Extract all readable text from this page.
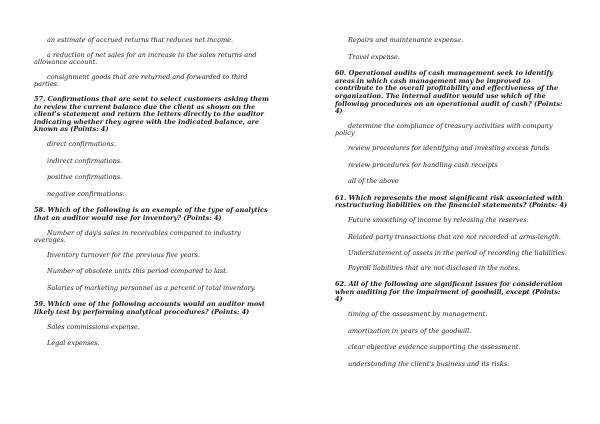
an estimate of accrued returns that reduces net income.

a reduction of net sales for an increase to the sales returns and allowance account.

consignment goods that are returned and forwarded to third parties.

57. Confirmations that are sent to select customers asking them to review the current balance due the client as shown on the client's statement and return the letters directly to the auditor indicating whether they agree with the indicated balance, are known as (Points: 4)

direct confirmations.

indirect confirmations.

positive confirmations.

negative confirmations.

58. Which of the following is an example of the type of analytics that an auditor would use for inventory? (Points: 4)

Number of day's sales in receivables compared to industry averages.

Inventory turnover for the previous five years.

Number of obsolete units this period compared to last.

Salaries of marketing personnel as a percent of total inventory.

59. Which one of the following accounts would an auditor most likely test by performing analytical procedures? (Points: 4)

Sales commissions expense.

Legal expenses.

Repairs and maintenance expense.

Travel expense.

60. Operational audits of cash management seek to identify areas in which cash management may be improved to contribute to the overall profitability and effectiveness of the organization. The internal auditor would use which of the following procedures on an operational audit of cash? (Points: 4)

determine the compliance of treasury activities with company policy

review procedures for identifying and investing excess funds

review procedures for handling cash receipts

all of the above

61. Which represents the most significant risk associated with restructuring liabilities on the financial statements? (Points: 4)

Future smoothing of income by releasing the reserves.

Related party transactions that are not recorded at arms-length.

Understatement of assets in the period of recording the liabilities.

Payroll liabilities that are not disclosed in the notes.

62. All of the following are significant issues for consideration when auditing for the impairment of goodwill, except (Points: 4)

timing of the assessment by management.

amortization in years of the goodwill.

clear objective evidence supporting the assessment.

understanding the client's business and its risks.
